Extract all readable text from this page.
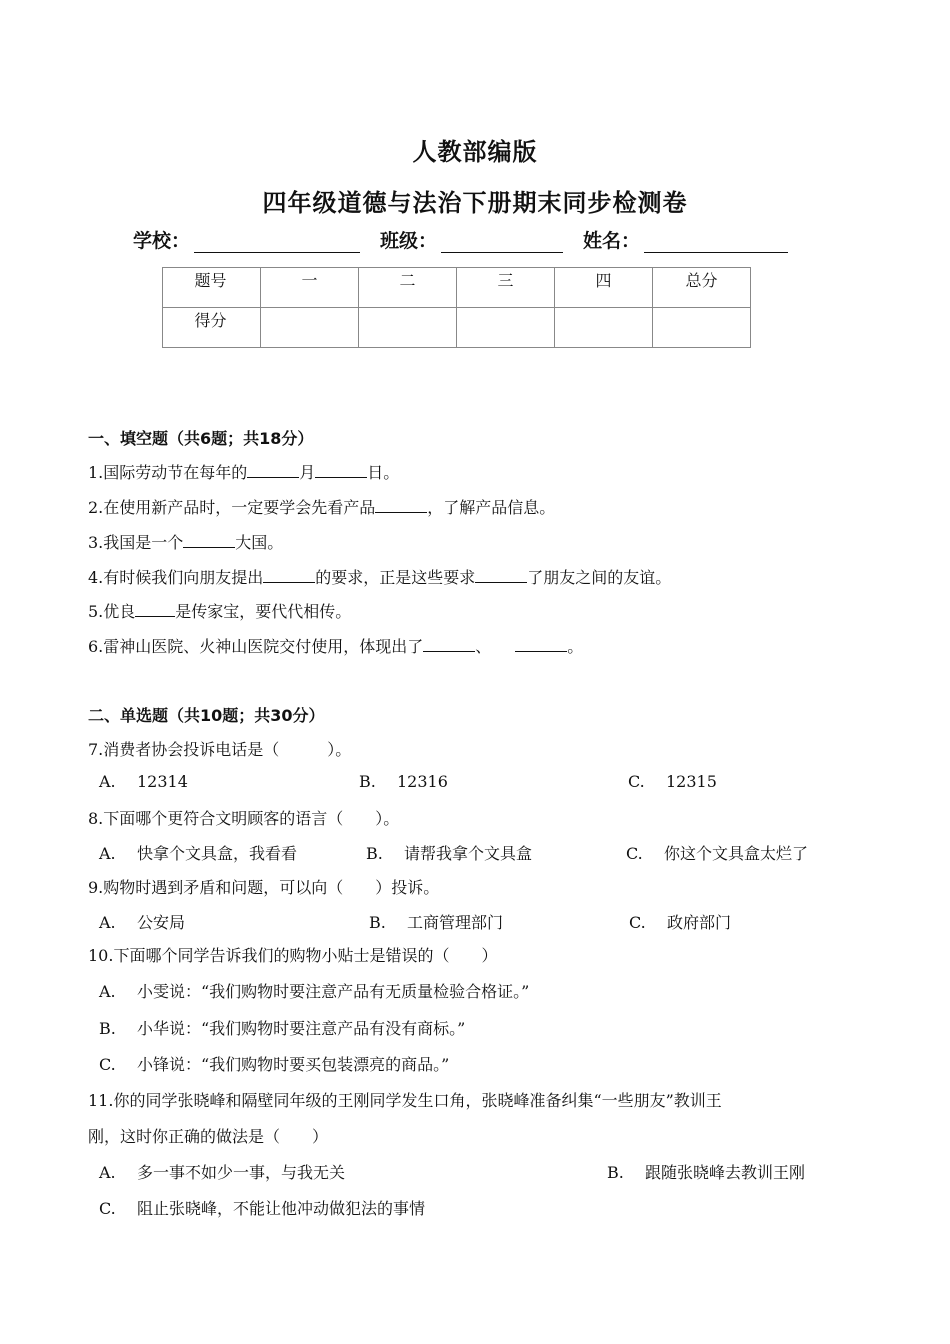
人教部编版
四年级道德与法治下册期末同步检测卷
学校：	班级：	姓名：
题号	一	二	三	四	总分
得分					
一、填空题（共6题；共18分）
1.国际劳动节在每年的	月	日。
2.在使用新产品时，一定要学会先看产品	，了解产品信息。
3.我国是一个	大国。
4.有时候我们向朋友提出	的要求，正是这些要求	了朋友之间的友谊。
5.优良	是传家宝，要代代相传。
6.雷神山医院、火神山医院交付使用，体现出了	、	。
二、单选题（共10题；共30分）
7.消费者协会投诉电话是（　　　）。
A. 12314	B. 12316	C. 12315
8.下面哪个更符合文明顾客的语言（　　）。
A. 快拿个文具盒，我看看	B. 请帮我拿个文具盒	C. 你这个文具盒太烂了
9.购物时遇到矛盾和问题，可以向（　　）投诉。
A. 公安局	B. 工商管理部门	C. 政府部门
10.下面哪个同学告诉我们的购物小贴士是错误的（　　）
A. 小雯说：“我们购物时要注意产品有无质量检验合格证。”
B. 小华说：“我们购物时要注意产品有没有商标。”
C. 小锋说：“我们购物时要买包装漂亮的商品。”
11.你的同学张晓峰和隔壁同年级的王刚同学发生口角，张晓峰准备纠集“一些朋友”教训王
刚，这时你正确的做法是（　　）
A. 多一事不如少一事，与我无关	B. 跟随张晓峰去教训王刚
C. 阻止张晓峰，不能让他冲动做犯法的事情
